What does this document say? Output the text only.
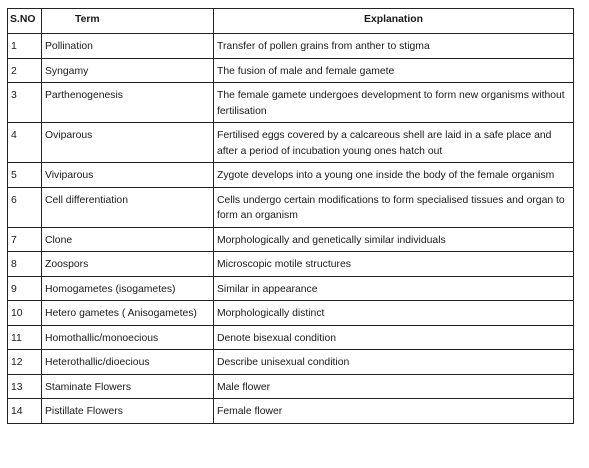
S.NO	Term	Explanation
1	Pollination	Transfer of pollen grains from anther to stigma
2	Syngamy	The fusion of male and female gamete
3	Parthenogenesis	The female gamete undergoes development to form new organisms without fertilisation
4	Oviparous	Fertilised eggs covered by a calcareous shell are laid in a safe place and after a period of incubation young ones hatch out
5	Viviparous	Zygote develops into a young one inside the body of the female organism
6	Cell differentiation	Cells undergo certain modifications to form specialised tissues and organ to form an organism
7	Clone	Morphologically and genetically similar individuals
8	Zoospors	Microscopic motile structures
9	Homogametes (isogametes)	Similar in appearance
10	Hetero gametes ( Anisogametes)	Morphologically distinct
11	Homothallic/monoecious	Denote bisexual condition
12	Heterothallic/dioecious	Describe unisexual condition
13	Staminate Flowers	Male flower
14	Pistillate Flowers	Female flower
